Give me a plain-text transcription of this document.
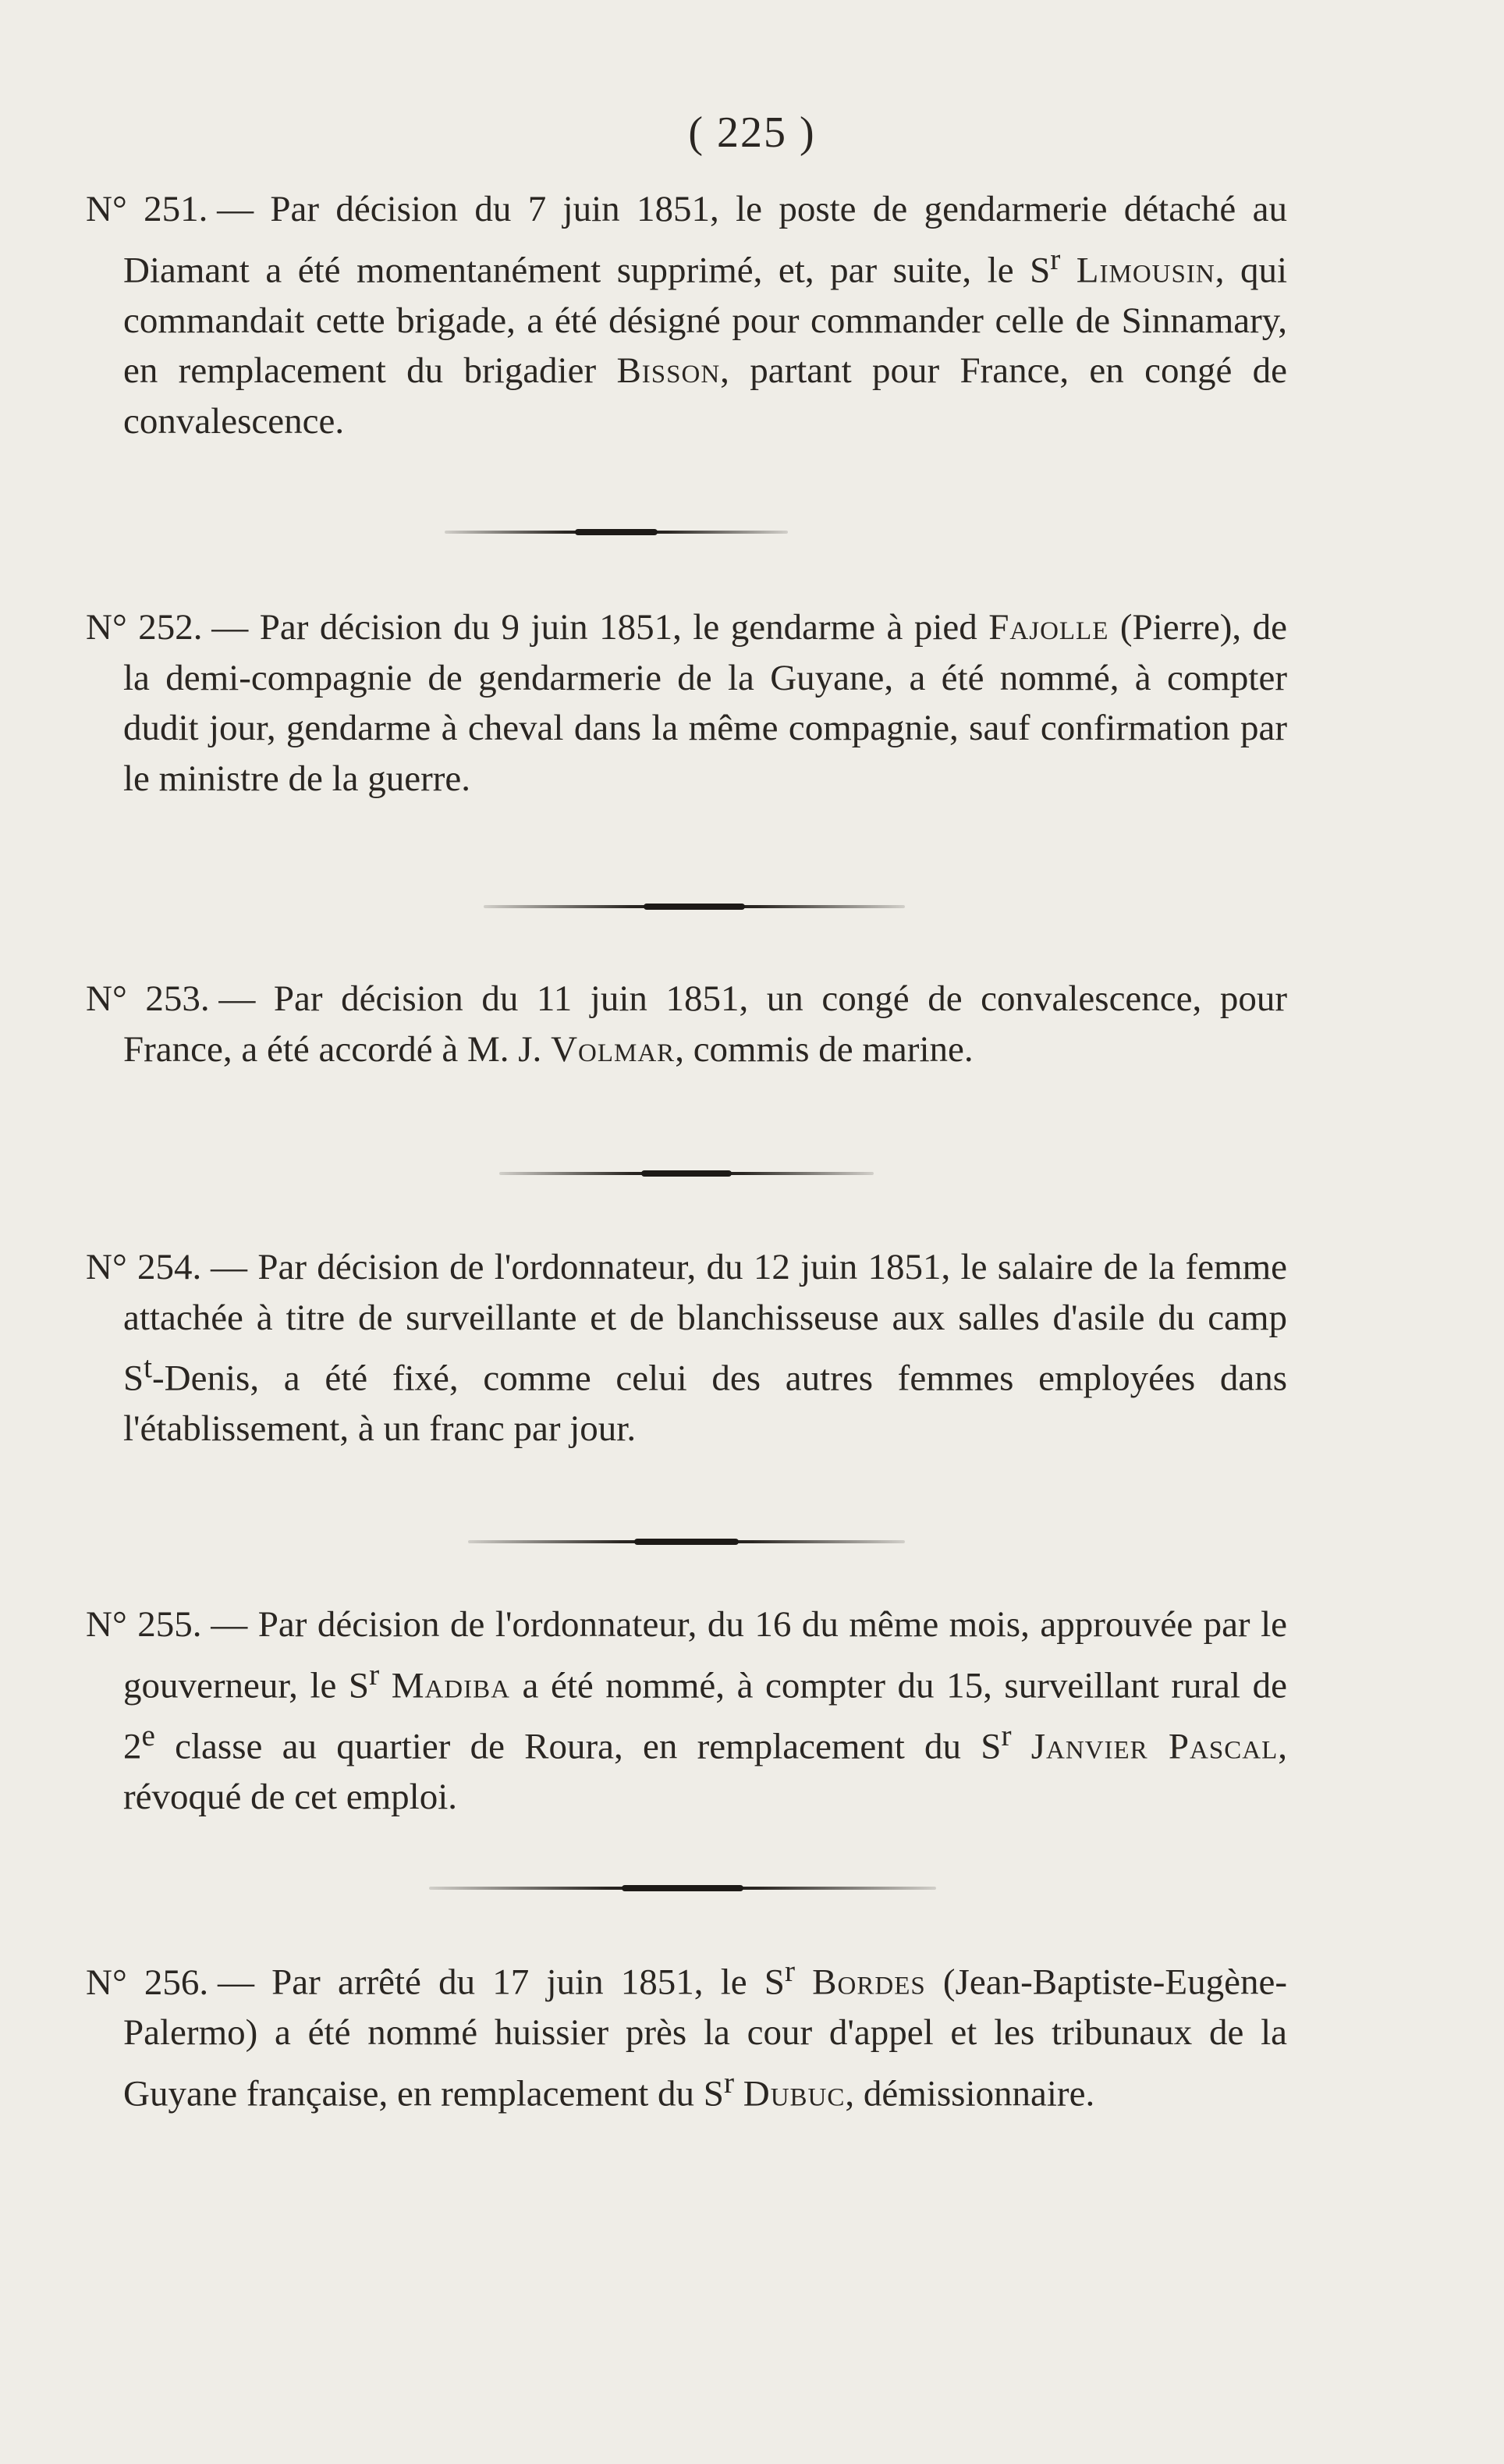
( 225 )

N° 251. — Par décision du 7 juin 1851, le poste de gendarmerie détaché au Diamant a été momentanément supprimé, et, par suite, le $S^r$ Limousin, qui commandait cette brigade, a été désigné pour commander celle de Sinnamary, en remplacement du brigadier Bisson, partant pour France, en congé de convalescence.

N° 252. — Par décision du 9 juin 1851, le gendarme à pied Fajolle (Pierre), de la demi-compagnie de gendarmerie de la Guyane, a été nommé, à compter dudit jour, gendarme à cheval dans la même compagnie, sauf confirmation par le ministre de la guerre.

N° 253. — Par décision du 11 juin 1851, un congé de convalescence, pour France, a été accordé à M. J. Volmar, commis de marine.

N° 254. — Par décision de l'ordonnateur, du 12 juin 1851, le salaire de la femme attachée à titre de surveillante et de blanchisseuse aux salles d'asile du camp $S^t$-Denis, a été fixé, comme celui des autres femmes employées dans l'établissement, à un franc par jour.

N° 255. — Par décision de l'ordonnateur, du 16 du même mois, approuvée par le gouverneur, le $S^r$ Madiba a été nommé, à compter du 15, surveillant rural de 2e classe au quartier de Roura, en remplacement du $S^r$ Janvier Pascal, révoqué de cet emploi.

N° 256. — Par arrêté du 17 juin 1851, le $S^r$ Bordes (Jean-Baptiste-Eugène-Palermo) a été nommé huissier près la cour d'appel et les tribunaux de la Guyane française, en remplacement du $S^r$ Dubuc, démissionnaire.
